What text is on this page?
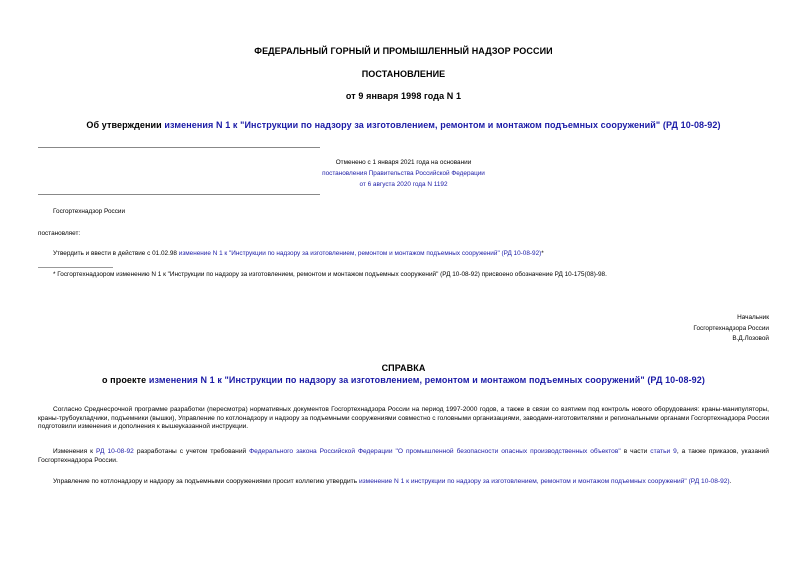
ФЕДЕРАЛЬНЫЙ ГОРНЫЙ И ПРОМЫШЛЕННЫЙ НАДЗОР РОССИИ
ПОСТАНОВЛЕНИЕ
от 9 января 1998 года N 1
Об утверждении изменения N 1 к "Инструкции по надзору за изготовлением, ремонтом и монтажом подъемных сооружений" (РД 10-08-92)
Отменено с 1 января 2021 года на основании
постановления Правительства Российской Федерации
от 6 августа 2020 года N 1192
Госгортехнадзор России
постановляет:
Утвердить и ввести в действие с 01.02.98 изменение N 1 к "Инструкции по надзору за изготовлением, ремонтом и монтажом подъемных сооружений" (РД 10-08-92)*
* Госгортехнадзором изменению N 1 к "Инструкции по надзору за изготовлением, ремонтом и монтажом подъемных сооружений" (РД 10-08-92) присвоено обозначение РД 10-175(08)-98.
Начальник
Госгортехнадзора России
В.Д.Лозовой
СПРАВКА
о проекте изменения N 1 к "Инструкции по надзору за изготовлением, ремонтом и монтажом подъемных сооружений" (РД 10-08-92)
Согласно Среднесрочной программе разработки (пересмотра) нормативных документов Госгортехнадзора России на период 1997-2000 годов, а также в связи со взятием под контроль нового оборудования: краны-манипуляторы, краны-трубоукладчики, подъемники (вышки), Управление по котлонадзору и надзору за подъемными сооружениями совместно с головными организациями, заводами-изготовителями и региональными органами Госгортехнадзора России подготовили изменения и дополнения к вышеуказанной инструкции.
Изменения к РД 10-08-92 разработаны с учетом требований Федерального закона Российской Федерации "О промышленной безопасности опасных производственных объектов" в части статьи 9, а также приказов, указаний Госгортехнадзора России.
Управление по котлонадзору и надзору за подъемными сооружениями просит коллегию утвердить изменение N 1 к инструкции по надзору за изготовлением, ремонтом и монтажом подъемных сооружений" (РД 10-08-92).
